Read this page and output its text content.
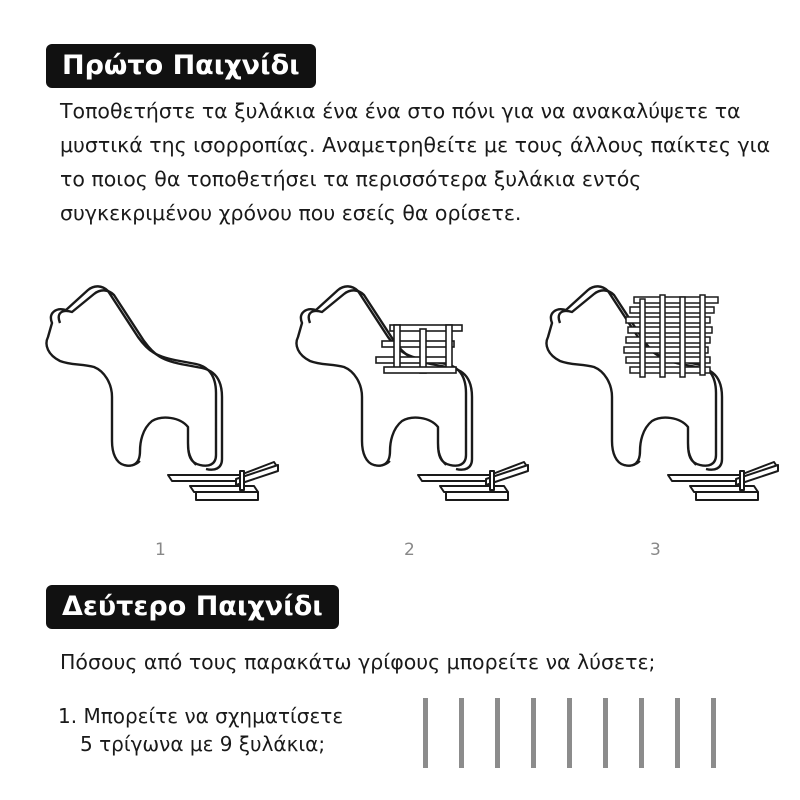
Πρώτο Παιχνίδι

Τοποθετήστε τα ξυλάκια ένα ένα στο πόνι για να ανακαλύψετε τα μυστικά της ισορροπίας. Αναμετρηθείτε με τους άλλους παίκτες για το ποιος θα τοποθετήσει τα περισσότερα ξυλάκια εντός συγκεκριμένου χρόνου που εσείς θα ορίσετε.

1	2	3
Δεύτερο Παιχνίδι

Πόσους από τους παρακάτω γρίφους μπορείτε να λύσετε;

1. Μπορείτε να σχηματίσετε
5 τρίγωνα με 9 ξυλάκια;
